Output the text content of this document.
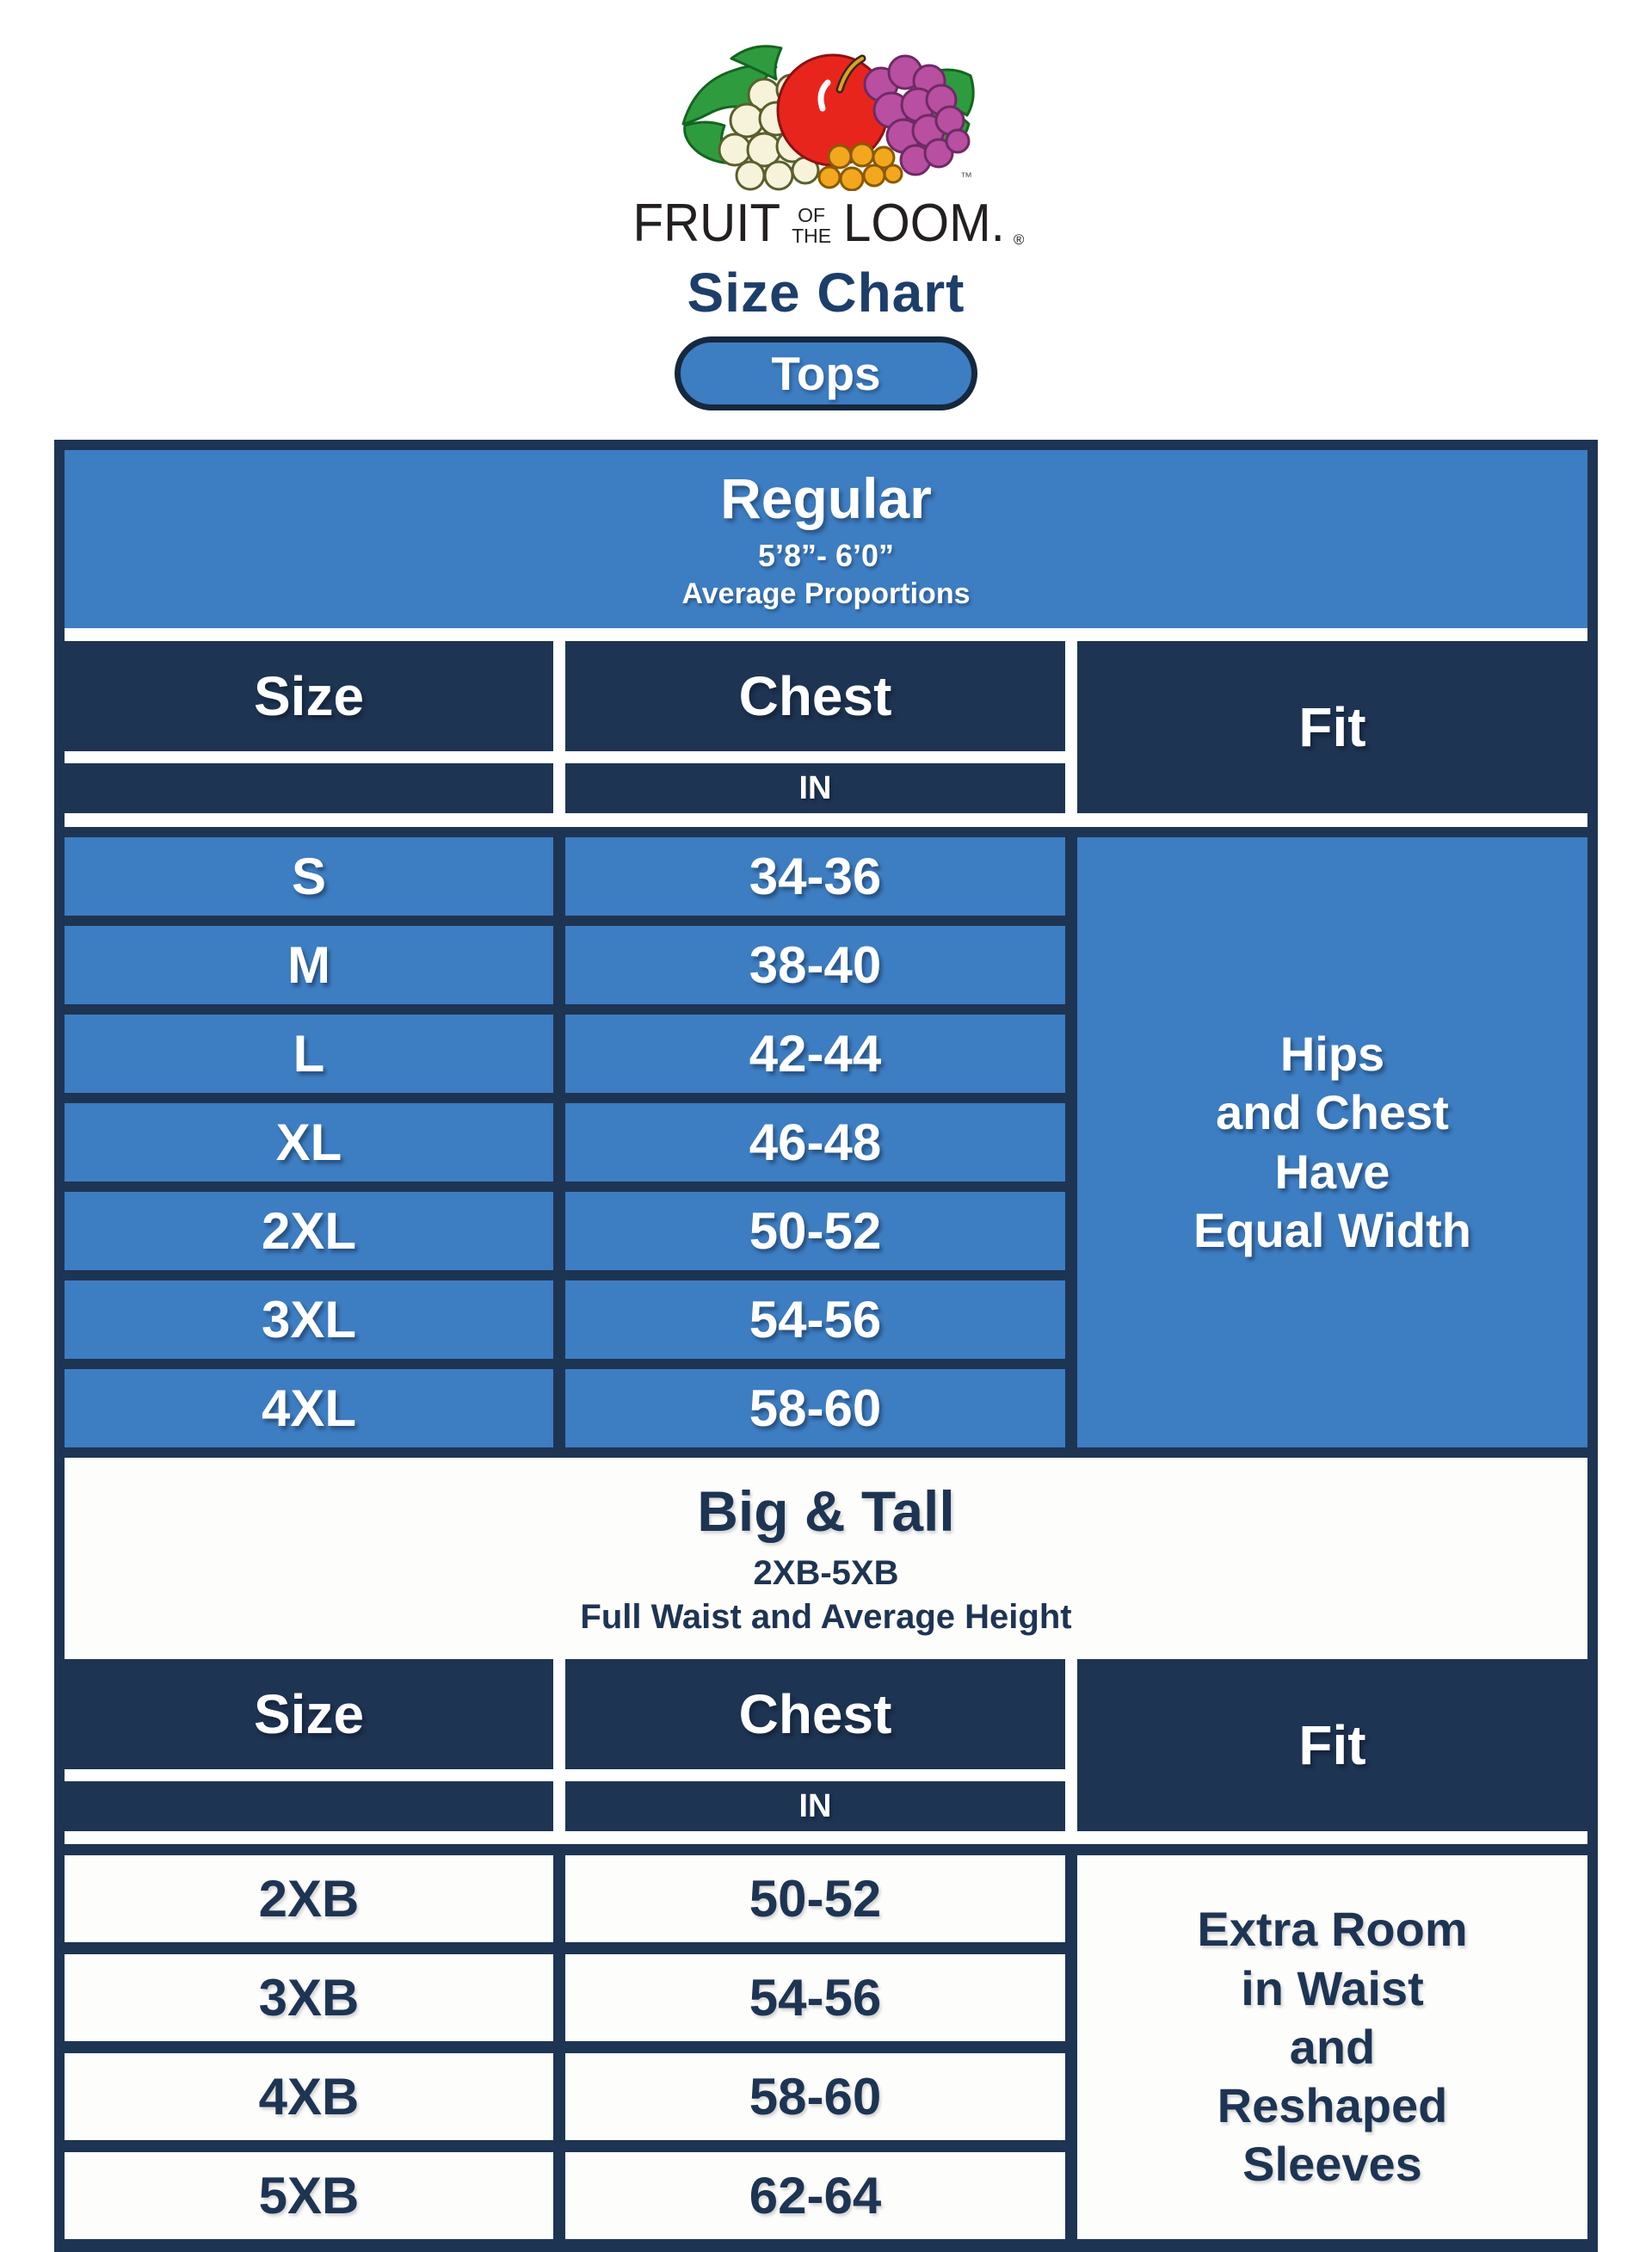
™
FRUIT OF
THE LOOM. ®
Size Chart
Tops
Regular
5’8”- 6’0”
Average Proportions
Size	Chest	Fit
IN
Hips
and Chest
Have
Equal Width
S	34-36
M	38-40
L	42-44
XL	46-48
2XL	50-52
3XL	54-56
4XL	58-60
Big & Tall
2XB-5XB
Full Waist and Average Height
Size	Chest	Fit
IN
Extra Room
in Waist
and
Reshaped
Sleeves
2XB	50-52
3XB	54-56
4XB	58-60
5XB	62-64
